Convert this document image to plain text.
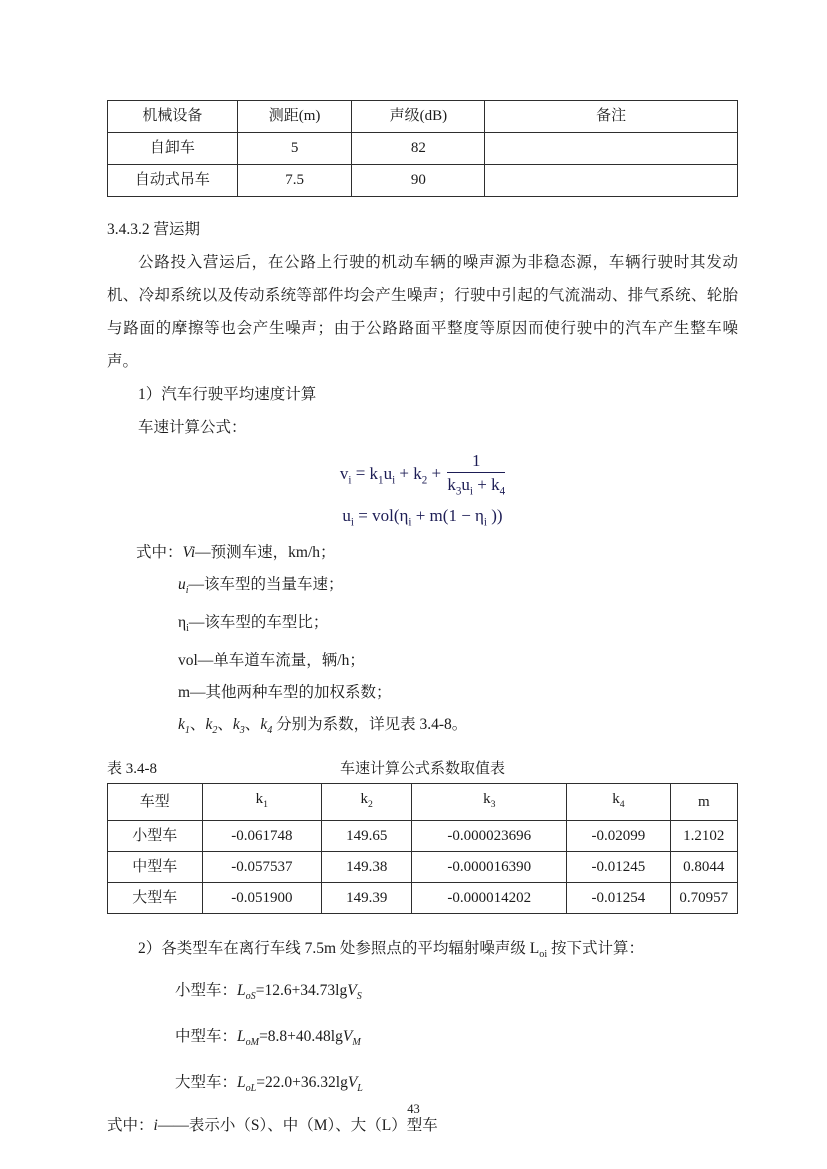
机械设备	测距(m)	声级(dB)	备注
自卸车	5	82	
自动式吊车	7.5	90	
3.4.3.2 营运期

公路投入营运后，在公路上行驶的机动车辆的噪声源为非稳态源，车辆行驶时其发动机、冷却系统以及传动系统等部件均会产生噪声；行驶中引起的气流湍动、排气系统、轮胎与路面的摩擦等也会产生噪声；由于公路路面平整度等原因而使行驶中的汽车产生整车噪声。

1）汽车行驶平均速度计算

车速计算公式：

$v_i = k_1u_i + k_2 + \frac{1}{k_3u_i + k_4}$
$u_i = vol(\eta_i + m(1 - \eta_i$ ))

式中：Vi—预测车速，km/h；

$u_i—$该车型的当量车速；

$\eta_i—$该车型的车型比；

vol—单车道车流量，辆/h；

m—其他两种车型的加权系数；

$k_1$、$k_2$、$k_3$、$k_4$ 分别为系数，详见表 3.4-8。

表 3.4-8	车速计算公式系数取值表
车型	$k_1$	$k_2$	$k_3$	$k_4$	m
小型车	-0.061748	149.65	-0.000023696	-0.02099	1.2102
中型车	-0.057537	149.38	-0.000016390	-0.01245	0.8044
大型车	-0.051900	149.39	-0.000014202	-0.01254	0.70957

2）各类型车在离行车线 7.5m 处参照点的平均辐射噪声级 $L_{oi}$ 按下式计算：

小型车：$L_{oS}=12.6+34.73\lg V_S$

中型车：$L_{oM}=8.8+40.48\lg V_M$

大型车：$L_{oL}=22.0+36.32\lg V_L$

式中：i——表示小（S）、中（M）、大（L）型车

43
